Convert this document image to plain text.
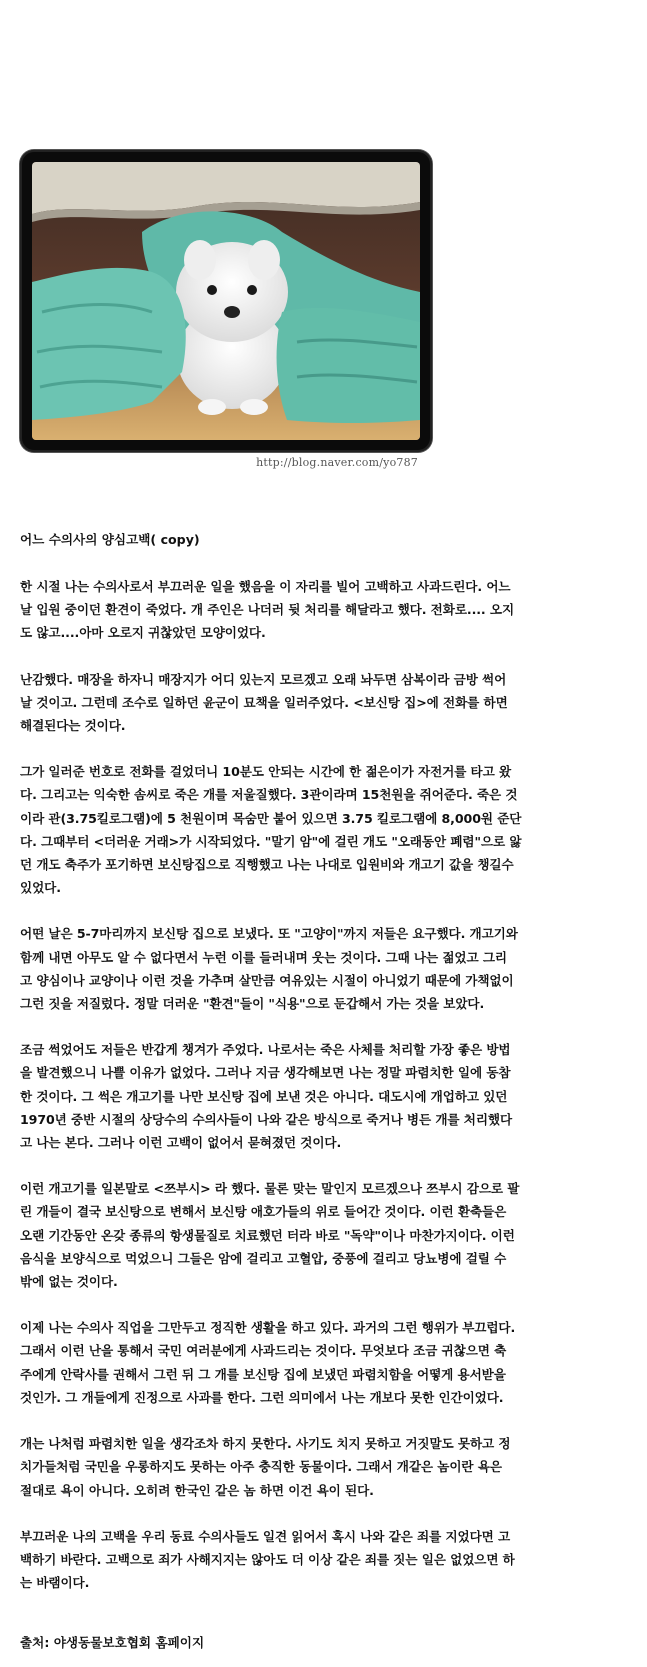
http://blog.naver.com/yo787
어느 수의사의 양심고백( copy)

한 시절 나는 수의사로서 부끄러운 일을 했음을 이 자리를 빌어 고백하고 사과드린다. 어느
날 입원 중이던 환견이 죽었다. 개 주인은 나더러 뒷 처리를 해달라고 했다. 전화로.... 오지
도 않고....아마 오로지 귀찮았던 모양이었다.

난감했다. 매장을 하자니 매장지가 어디 있는지 모르겠고 오래 놔두면 삼복이라 금방 썩어
날 것이고. 그런데 조수로 일하던 윤군이 묘책을 일러주었다. <보신탕 집>에 전화를 하면
해결된다는 것이다.

그가 일러준 번호로 전화를 걸었더니 10분도 안되는 시간에 한 젊은이가 자전거를 타고 왔
다. 그리고는 익숙한 솜씨로 죽은 개를 저울질했다. 3관이라며 15천원을 쥐어준다. 죽은 것
이라 관(3.75킬로그램)에 5 천원이며 목숨만 붙어 있으면 3.75 킬로그램에 8,000원 준단
다. 그때부터 <더러운 거래>가 시작되었다. "말기 암"에 걸린 개도 "오래동안 폐렴"으로 앓
던 개도 축주가 포기하면 보신탕집으로 직행했고 나는 나대로 입원비와 개고기 값을 챙길수
있었다.

어떤 날은 5-7마리까지 보신탕 집으로 보냈다. 또 "고양이"까지 저들은 요구했다. 개고기와
함께 내면 아무도 알 수 없다면서 누런 이를 들러내며 웃는 것이다. 그때 나는 젊었고 그리
고 양심이나 교양이나 이런 것을 가추며 살만큼 여유있는 시절이 아니었기 때문에 가책없이
그런 짓을 저질렀다. 정말 더러운 "환견"들이 "식용"으로 둔갑해서 가는 것을 보았다.

조금 썩었어도 저들은 반갑게 챙겨가 주었다. 나로서는 죽은 사체를 처리할 가장 좋은 방법
을 발견했으니 나쁠 이유가 없었다. 그러나 지금 생각해보면 나는 정말 파렴치한 일에 동참
한 것이다. 그 썩은 개고기를 나만 보신탕 집에 보낸 것은 아니다. 대도시에 개업하고 있던
1970년 중반 시절의 상당수의 수의사들이 나와 같은 방식으로 죽거나 병든 개를 처리했다
고 나는 본다. 그러나 이런 고백이 없어서 묻혀졌던 것이다.

이런 개고기를 일본말로 <쯔부시> 라 했다. 물론 맞는 말인지 모르겠으나 쯔부시 감으로 팔
린 개들이 결국 보신탕으로 변해서 보신탕 애호가들의 위로 들어간 것이다. 이런 환축들은
오랜 기간동안 온갖 종류의 항생물질로 치료했던 터라 바로 "독약"이나 마찬가지이다. 이런
음식을 보양식으로 먹었으니 그들은 암에 걸리고 고혈압, 중풍에 걸리고 당뇨병에 걸릴 수
밖에 없는 것이다.

이제 나는 수의사 직업을 그만두고 정직한 생활을 하고 있다. 과거의 그런 행위가 부끄럽다.
그래서 이런 난을 통해서 국민 여러분에게 사과드리는 것이다. 무엇보다 조금 귀찮으면 축
주에게 안락사를 권해서 그런 뒤 그 개를 보신탕 집에 보냈던 파렴치함을 어떻게 용서받을
것인가. 그 개들에게 진정으로 사과를 한다. 그런 의미에서 나는 개보다 못한 인간이었다.

개는 나처럼 파렴치한 일을 생각조차 하지 못한다. 사기도 치지 못하고 거짓말도 못하고 정
치가들처럼 국민을 우롱하지도 못하는 아주 충직한 동물이다. 그래서 개같은 놈이란 욕은
절대로 욕이 아니다. 오히려 한국인 같은 놈 하면 이건 욕이 된다.

부끄러운 나의 고백을 우리 동료 수의사들도 일견 읽어서 혹시 나와 같은 죄를 지었다면 고
백하기 바란다. 고백으로 죄가 사해지지는 않아도 더 이상 같은 죄를 짓는 일은 없었으면 하
는 바램이다.

출처: 야생동물보호협회 홈페이지
